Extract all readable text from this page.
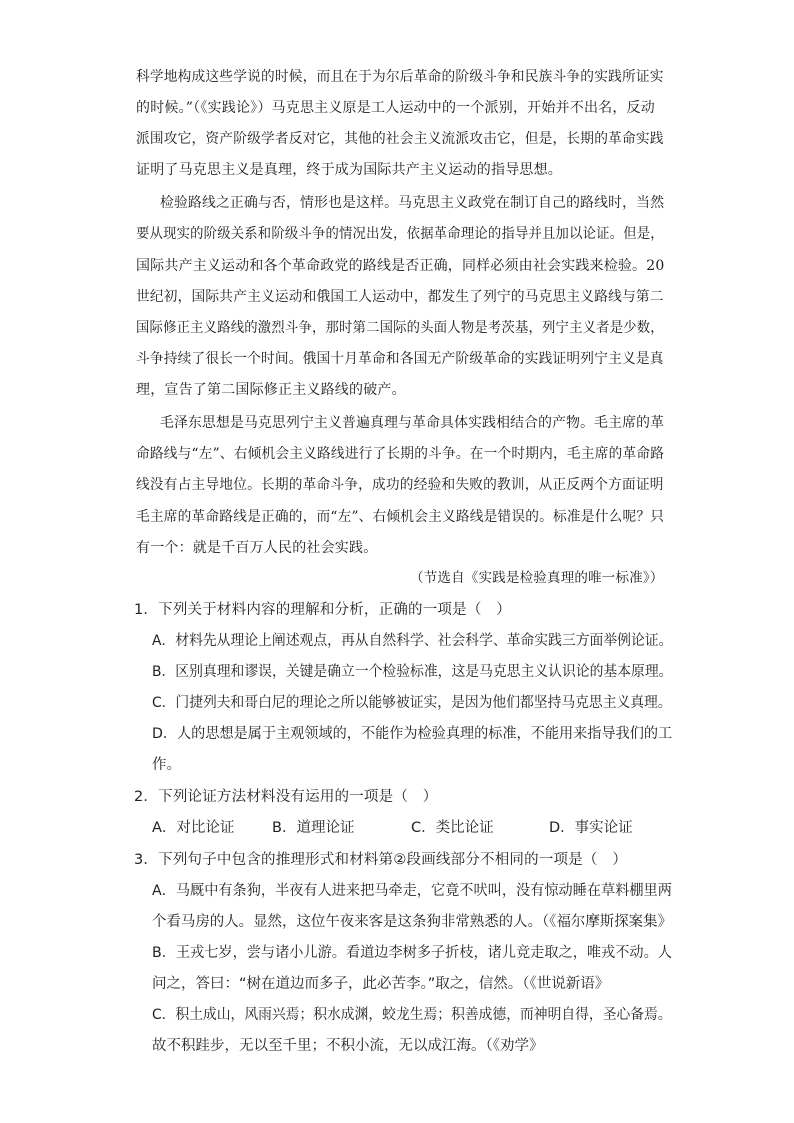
科学地构成这些学说的时候，而且在于为尔后革命的阶级斗争和民族斗争的实践所证实
的时候。”（《实践论》）马克思主义原是工人运动中的一个派别，开始并不出名，反动
派围攻它，资产阶级学者反对它，其他的社会主义流派攻击它，但是，长期的革命实践
证明了马克思主义是真理，终于成为国际共产主义运动的指导思想。
检验路线之正确与否，情形也是这样。马克思主义政党在制订自己的路线时，当然
要从现实的阶级关系和阶级斗争的情况出发，依据革命理论的指导并且加以论证。但是，
国际共产主义运动和各个革命政党的路线是否正确，同样必须由社会实践来检验。20
世纪初，国际共产主义运动和俄国工人运动中，都发生了列宁的马克思主义路线与第二
国际修正主义路线的激烈斗争，那时第二国际的头面人物是考茨基，列宁主义者是少数，
斗争持续了很长一个时间。俄国十月革命和各国无产阶级革命的实践证明列宁主义是真
理，宣告了第二国际修正主义路线的破产。
毛泽东思想是马克思列宁主义普遍真理与革命具体实践相结合的产物。毛主席的革
命路线与“左”、右倾机会主义路线进行了长期的斗争。在一个时期内，毛主席的革命路
线没有占主导地位。长期的革命斗争，成功的经验和失败的教训，从正反两个方面证明
毛主席的革命路线是正确的，而“左”、右倾机会主义路线是错误的。标准是什么呢？只
有一个：就是千百万人民的社会实践。
（节选自《实践是检验真理的唯一标准》）
1．下列关于材料内容的理解和分析，正确的一项是（　）
A．材料先从理论上阐述观点，再从自然科学、社会科学、革命实践三方面举例论证。
B．区别真理和谬误，关键是确立一个检验标准，这是马克思主义认识论的基本原理。
C．门捷列夫和哥白尼的理论之所以能够被证实，是因为他们都坚持马克思主义真理。
D．人的思想是属于主观领域的，不能作为检验真理的标准，不能用来指导我们的工
作。
2．下列论证方法材料没有运用的一项是（　）
A．对比论证	B．道理论证	C．类比论证	D．事实论证
3．下列句子中包含的推理形式和材料第②段画线部分不相同的一项是（　）
A．马厩中有条狗，半夜有人进来把马牵走，它竟不吠叫，没有惊动睡在草料棚里两
个看马房的人。显然，这位午夜来客是这条狗非常熟悉的人。（《福尔摩斯探案集》
B．王戎七岁，尝与诸小儿游。看道边李树多子折枝，诸儿竞走取之，唯戎不动。人
问之，答曰：“树在道边而多子，此必苦李。”取之，信然。（《世说新语》
C．积土成山，风雨兴焉；积水成渊，蛟龙生焉；积善成德，而神明自得，圣心备焉。
故不积跬步，无以至千里；不积小流，无以成江海。（《劝学》
